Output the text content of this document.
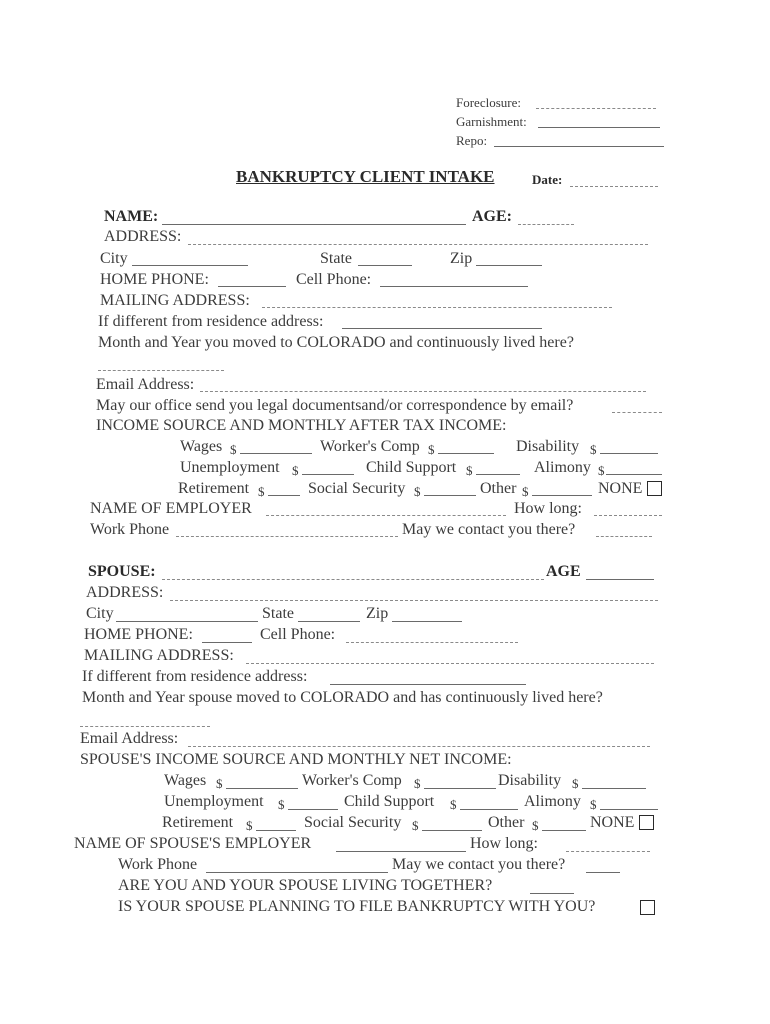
Foreclosure:
Garnishment:
Repo:
BANKRUPTCY CLIENT INTAKE	Date:
NAME:	AGE:
ADDRESS:
City	State	Zip
HOME PHONE:	Cell Phone:
MAILING ADDRESS:
If different from residence address:
Month and Year you moved to COLORADO and continuously lived here?
Email Address:
May our office send you legal documentsand/or correspondence by email?
INCOME SOURCE AND MONTHLY AFTER TAX INCOME:
Wages $	Worker's Comp $	Disability $
Unemployment $	Child Support $	Alimony $
Retirement $	Social Security $	Other $	NONE
NAME OF EMPLOYER	How long:
Work Phone	May we contact you there?
SPOUSE:	AGE
ADDRESS:
City	State	Zip
HOME PHONE:	Cell Phone:
MAILING ADDRESS:
If different from residence address:
Month and Year spouse moved to COLORADO and has continuously lived here?
Email Address:
SPOUSE'S INCOME SOURCE AND MONTHLY NET INCOME:
Wages $	Worker's Comp $	Disability $
Unemployment $	Child Support $	Alimony $
Retirement $	Social Security $	Other $	NONE
NAME OF SPOUSE'S EMPLOYER	How long:
Work Phone	May we contact you there?
ARE YOU AND YOUR SPOUSE LIVING TOGETHER?
IS YOUR SPOUSE PLANNING TO FILE BANKRUPTCY WITH YOU?
